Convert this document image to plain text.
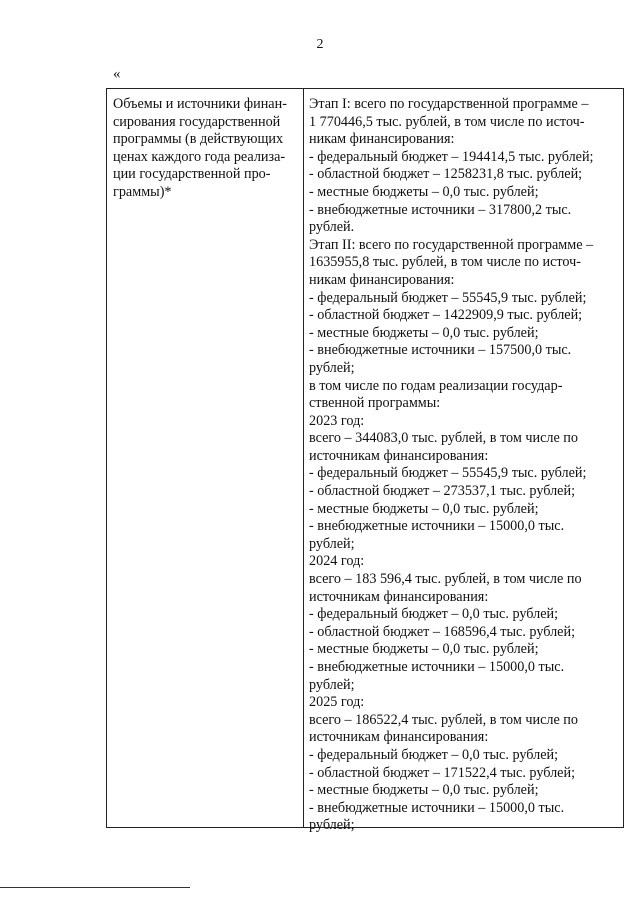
2
«
Объемы и источники финан-
сирования государственной
программы (в действующих
ценах каждого года реализа-
ции государственной про-
граммы)*
Этап I: всего по государственной программе –
1 770446,5 тыс. рублей, в том числе по источ-
никам финансирования:
- федеральный бюджет – 194414,5 тыс. рублей;
- областной бюджет – 1258231,8 тыс. рублей;
- местные бюджеты – 0,0 тыс. рублей;
- внебюджетные источники – 317800,2 тыс.
рублей.
Этап II: всего по государственной программе –
1635955,8 тыс. рублей, в том числе по источ-
никам финансирования:
- федеральный бюджет – 55545,9 тыс. рублей;
- областной бюджет – 1422909,9 тыс. рублей;
- местные бюджеты – 0,0 тыс. рублей;
- внебюджетные источники – 157500,0 тыс.
рублей;
в том числе по годам реализации государ-
ственной программы:
2023 год:
всего – 344083,0 тыс. рублей, в том числе по
источникам финансирования:
- федеральный бюджет – 55545,9 тыс. рублей;
- областной бюджет – 273537,1 тыс. рублей;
- местные бюджеты – 0,0 тыс. рублей;
- внебюджетные источники – 15000,0 тыс.
рублей;
2024 год:
всего – 183 596,4 тыс. рублей, в том числе по
источникам финансирования:
- федеральный бюджет – 0,0 тыс. рублей;
- областной бюджет – 168596,4 тыс. рублей;
- местные бюджеты – 0,0 тыс. рублей;
- внебюджетные источники – 15000,0 тыс.
рублей;
2025 год:
всего – 186522,4 тыс. рублей, в том числе по
источникам финансирования:
- федеральный бюджет – 0,0 тыс. рублей;
- областной бюджет – 171522,4 тыс. рублей;
- местные бюджеты – 0,0 тыс. рублей;
- внебюджетные источники – 15000,0 тыс.
рублей;
